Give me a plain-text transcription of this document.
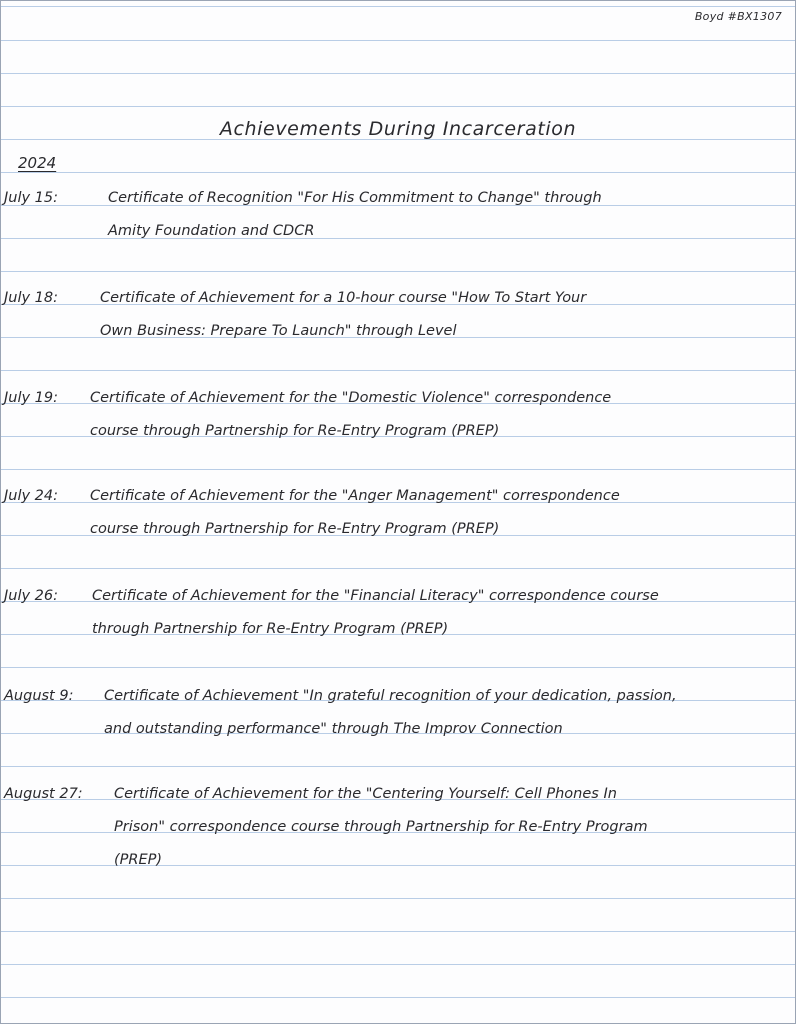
Boyd #BX1307
Achievements During Incarceration
2024
July 15:	Certificate of Recognition "For His Commitment to Change" through
Amity Foundation and CDCR
July 18:	Certificate of Achievement for a 10-hour course "How To Start Your
Own Business: Prepare To Launch" through Level
July 19: Certificate of Achievement for the "Domestic Violence" correspondence
course through Partnership for Re-Entry Program (PREP)
July 24: Certificate of Achievement for the "Anger Management" correspondence
course through Partnership for Re-Entry Program (PREP)
July 26: Certificate of Achievement for the "Financial Literacy" correspondence course
through Partnership for Re-Entry Program (PREP)
August 9: Certificate of Achievement "In grateful recognition of your dedication, passion,
and outstanding performance" through The Improv Connection
August 27: Certificate of Achievement for the "Centering Yourself: Cell Phones In
Prison" correspondence course through Partnership for Re-Entry Program
(PREP)
